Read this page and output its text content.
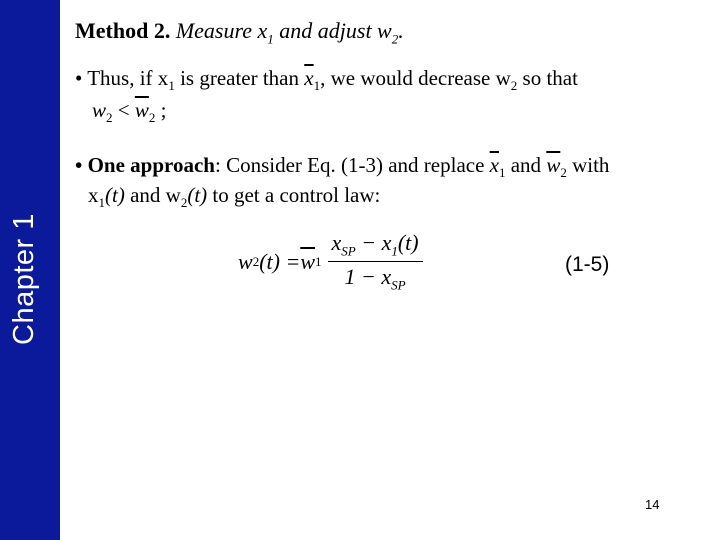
Chapter 1
Method 2. Measure $x_1$ and adjust $w_2$.
• Thus, if $x_1$ is greater than $\overline{x}_1$, we would decrease $w_2$ so that
$w_2 < \overline{w}_2$ ;
• One approach: Consider Eq. (1-3) and replace $\overline{x}_1$ and $\overline{w}_2$ with
$x_1(t)$ and $w_2(t)$ to get a control law:
w 2 $(t) = \overline{w}$ $1 \frac{x_{SP} - x_1(t)}{1 - x_{SP}}$	(1-5)
14
